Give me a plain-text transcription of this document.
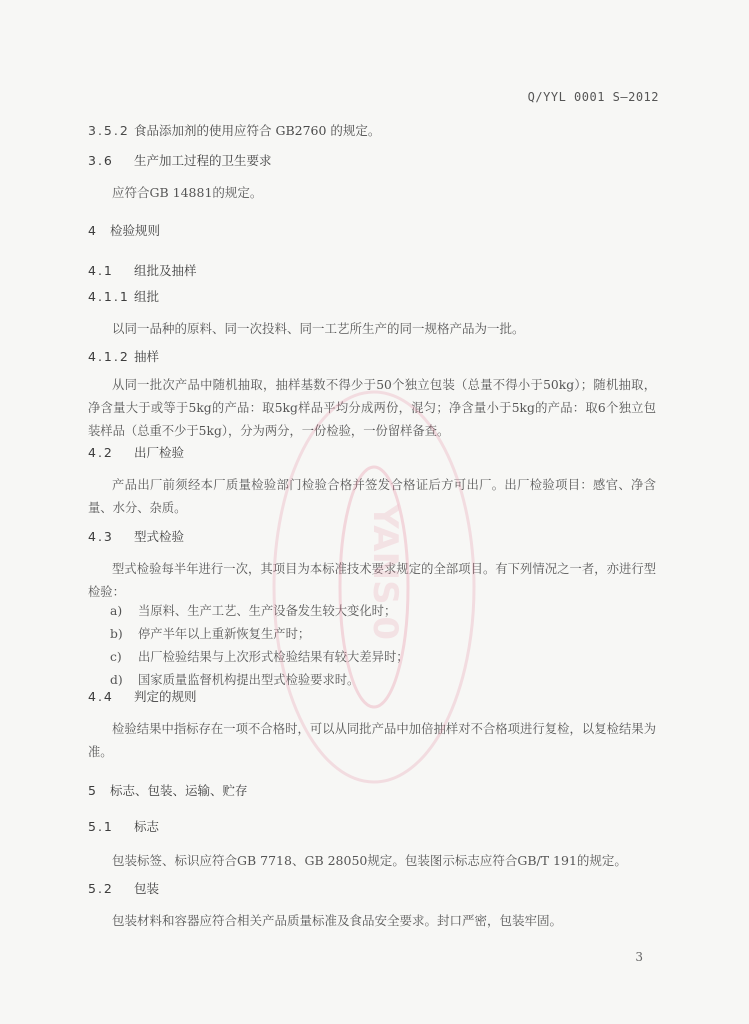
Q/YYL 0001 S—2012
3.5.2 食品添加剂的使用应符合 GB2760 的规定。
3.6 生产加工过程的卫生要求
应符合GB 14881的规定。
4 检验规则
4.1 组批及抽样
4.1.1 组批
以同一品种的原料、同一次投料、同一工艺所生产的同一规格产品为一批。
4.1.2 抽样
从同一批次产品中随机抽取，抽样基数不得少于50个独立包装（总量不得小于50kg）；随机抽取，净含量大于或等于5kg的产品：取5kg样品平均分成两份，混匀；净含量小于5kg的产品：取6个独立包装样品（总重不少于5kg），分为两分，一份检验，一份留样备查。
4.2 出厂检验
产品出厂前须经本厂质量检验部门检验合格并签发合格证后方可出厂。出厂检验项目：感官、净含量、水分、杂质。
4.3 型式检验
型式检验每半年进行一次，其项目为本标准技术要求规定的全部项目。有下列情况之一者，亦进行型检验：
a)	当原料、生产工艺、生产设备发生较大变化时；
b)	停产半年以上重新恢复生产时；
c)	出厂检验结果与上次形式检验结果有较大差异时；
d)	国家质量监督机构提出型式检验要求时。
4.4 判定的规则
检验结果中指标存在一项不合格时，可以从同批产品中加倍抽样对不合格项进行复检，以复检结果为准。
5 标志、包装、运输、贮存
5.1 标志
包装标签、标识应符合GB 7718、GB 28050规定。包装图示标志应符合GB/T 191的规定。
5.2 包装
包装材料和容器应符合相关产品质量标准及食品安全要求。封口严密，包装牢固。
3
YANS 0
